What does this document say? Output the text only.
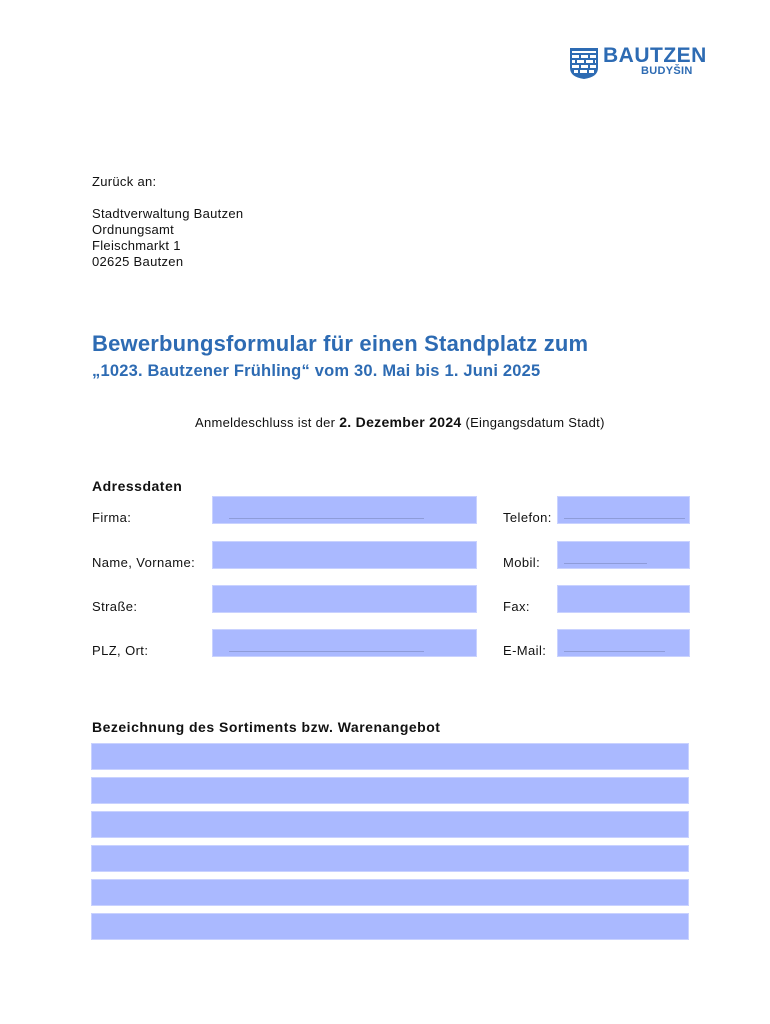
BAUTZEN
BUDYŠIN
Zurück an:
Stadtverwaltung Bautzen
Ordnungsamt
Fleischmarkt 1
02625 Bautzen
Bewerbungsformular für einen Standplatz zum
„1023. Bautzener Frühling“ vom 30. Mai bis 1. Juni 2025
Anmeldeschluss ist der 2. Dezember 2024 (Eingangsdatum Stadt)
Adressdaten
Firma:
Name, Vorname:
Straße:
PLZ, Ort:
Telefon:
Mobil:
Fax:
E-Mail:
Bezeichnung des Sortiments bzw. Warenangebot
